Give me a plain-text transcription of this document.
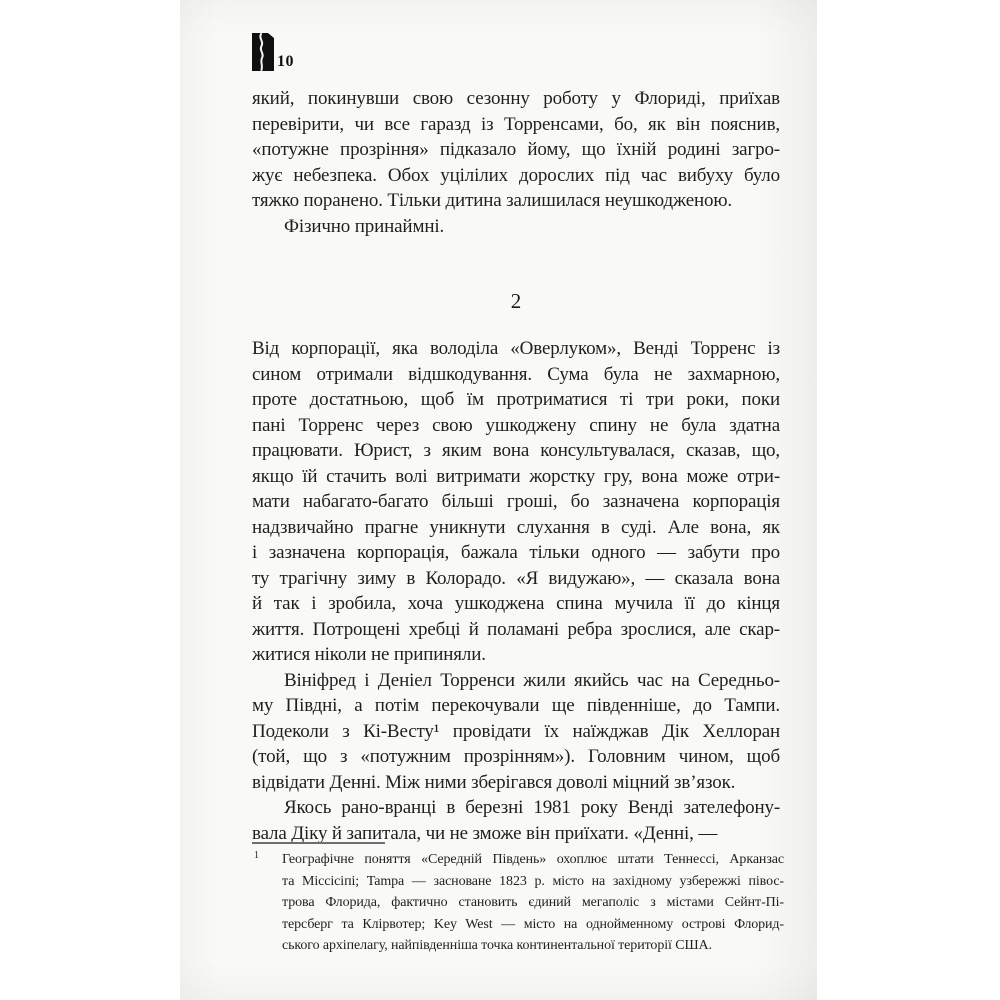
10
який, покинувши свою сезонну роботу у Флориді, приїхав
перевірити, чи все гаразд із Торренсами, бо, як він пояснив,
«потужне прозріння» підказало йому, що їхній родині загро-
жує небезпека. Обох уцілілих дорослих під час вибуху було
тяжко поранено. Тільки дитина залишилася неушкодженою.
Фізично принаймні.
2
Від корпорації, яка володіла «Оверлуком», Венді Торренс із
сином отримали відшкодування. Сума була не захмарною,
проте достатньою, щоб їм протриматися ті три роки, поки
пані Торренс через свою ушкоджену спину не була здатна
працювати. Юрист, з яким вона консультувалася, сказав, що,
якщо їй стачить волі витримати жорстку гру, вона може отри-
мати набагато-багато більші гроші, бо зазначена корпорація
надзвичайно прагне уникнути слухання в суді. Але вона, як
і зазначена корпорація, бажала тільки одного — забути про
ту трагічну зиму в Колорадо. «Я видужаю», — сказала вона
й так і зробила, хоча ушкоджена спина мучила її до кінця
життя. Потрощені хребці й поламані ребра зрослися, але скар-
житися ніколи не припиняли.
Вініфред і Деніел Торренси жили якийсь час на Середньо-
му Півдні, а потім перекочували ще південніше, до Тампи.
Подеколи з Кі-Весту¹ провідати їх наїжджав Дік Хеллоран
(той, що з «потужним прозрінням»). Головним чином, щоб
відвідати Денні. Між ними зберігався доволі міцний зв’язок.
Якось рано-вранці в березні 1981 року Венді зателефону-
вала Діку й запитала, чи не зможе він приїхати. «Денні, —
1 Географічне поняття «Середній Південь» охоплює штати Теннессі, Арканзас
та Міссісіпі; Tampa — засноване 1823 р. місто на західному узбережжі півос-
трова Флорида, фактично становить єдиний мегаполіс з містами Сейнт-Пі-
терсберг та Клірвотер; Key West — місто на однойменному острові Флорид-
ського архіпелагу, найпівденніша точка континентальної території США.
